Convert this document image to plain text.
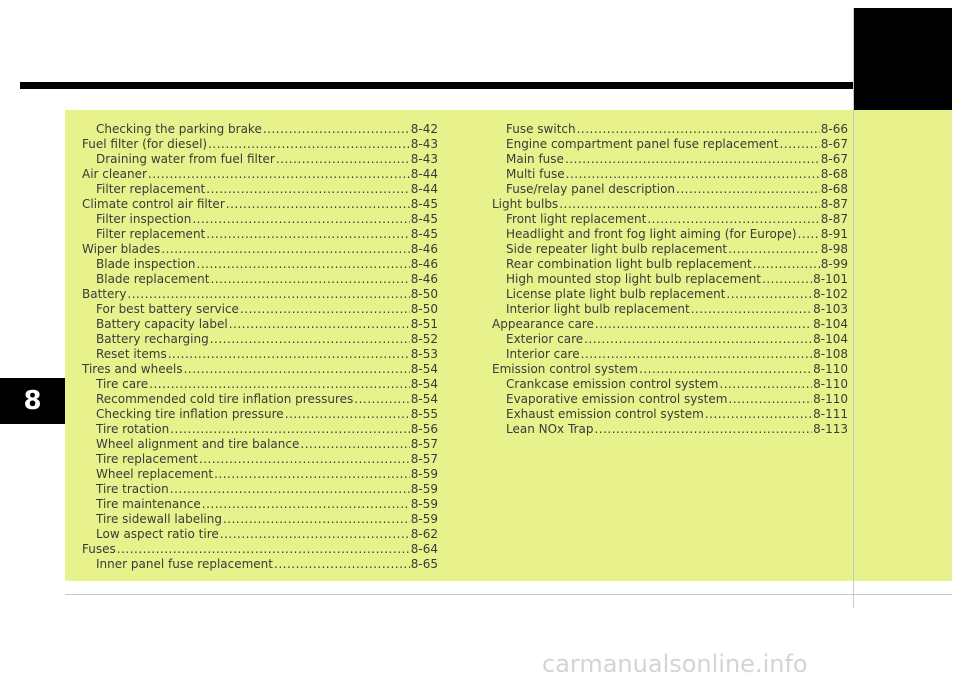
8
Checking the parking brake .....	8-42
Fuel filter (for diesel) .....	8-43
Draining water from fuel filter .....	8-43
Air cleaner .....	8-44
Filter replacement .....	8-44
Climate control air filter .....	8-45
Filter inspection .....	8-45
Filter replacement .....	8-45
Wiper blades .....	8-46
Blade inspection .....	8-46
Blade replacement .....	8-46
Battery .....	8-50
For best battery service .....	8-50
Battery capacity label .....	8-51
Battery recharging .....	8-52
Reset items .....	8-53
Tires and wheels .....	8-54
Tire care .....	8-54
Recommended cold tire inflation pressures .....	8-54
Checking tire inflation pressure .....	8-55
Tire rotation .....	8-56
Wheel alignment and tire balance .....	8-57
Tire replacement .....	8-57
Wheel replacement .....	8-59
Tire traction .....	8-59
Tire maintenance .....	8-59
Tire sidewall labeling .....	8-59
Low aspect ratio tire .....	8-62
Fuses .....	8-64
Inner panel fuse replacement .....	8-65
Fuse switch .....	8-66
Engine compartment panel fuse replacement .....	8-67
Main fuse .....	8-67
Multi fuse .....	8-68
Fuse/relay panel description .....	8-68
Light bulbs .....	8-87
Front light replacement .....	8-87
Headlight and front fog light aiming (for Europe) ..... 8-91
Side repeater light bulb replacement .....	8-98
Rear combination light bulb replacement .....	8-99
High mounted stop light bulb replacement .....	8-101
License plate light bulb replacement .....	8-102
Interior light bulb replacement .....	8-103
Appearance care .....	8-104
Exterior care .....	8-104
Interior care .....	8-108
Emission control system .....	8-110
Crankcase emission control system .....	8-110
Evaporative emission control system .....	8-110
Exhaust emission control system .....	8-111
Lean NOx Trap .....	8-113
carmanualsonline.info
